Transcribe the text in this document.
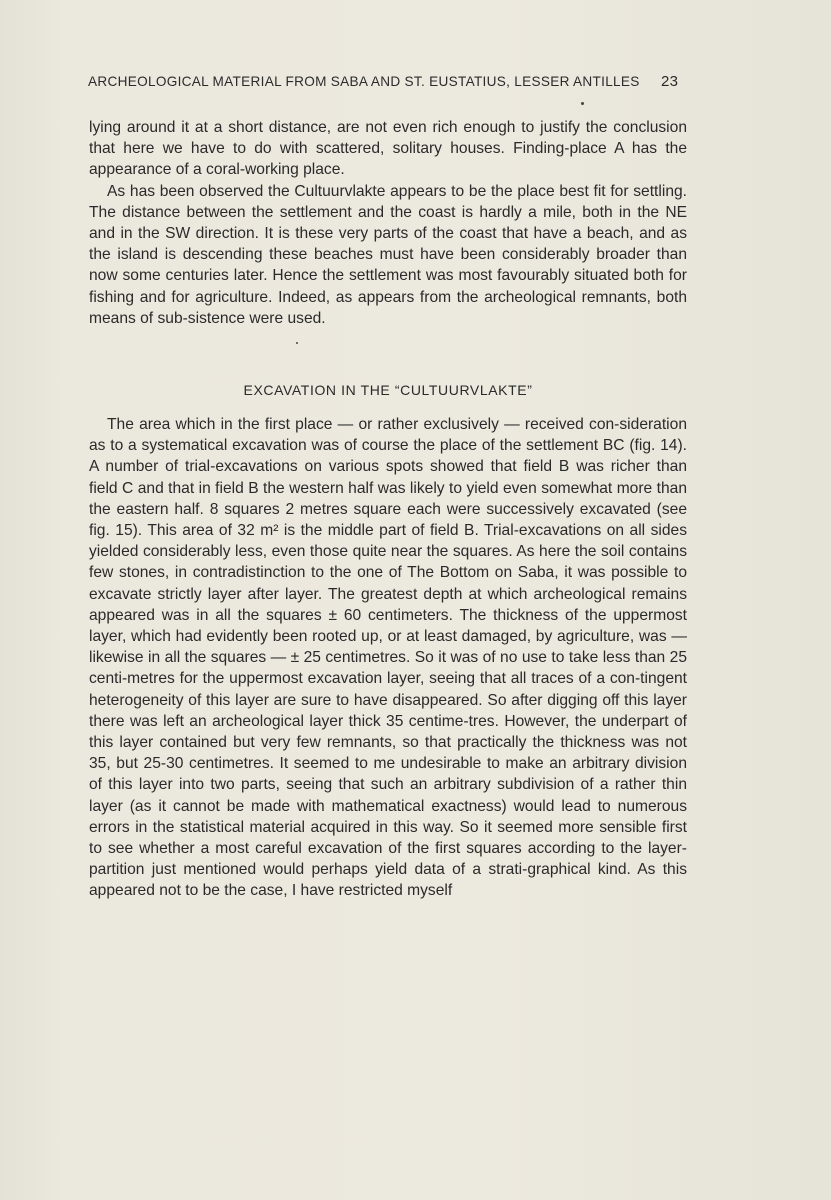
ARCHEOLOGICAL MATERIAL FROM SABA AND ST. EUSTATIUS, LESSER ANTILLES 23

lying around it at a short distance, are not even rich enough to justify the conclusion that here we have to do with scattered, solitary houses. Finding-place A has the appearance of a coral-working place.

As has been observed the Cultuurvlakte appears to be the place best fit for settling. The distance between the settlement and the coast is hardly a mile, both in the NE and in the SW direction. It is these very parts of the coast that have a beach, and as the island is descending these beaches must have been considerably broader than now some centuries later. Hence the settlement was most favourably situated both for fishing and for agriculture. Indeed, as appears from the archeological remnants, both means of sub-sistence were used.

EXCAVATION IN THE “CULTUURVLAKTE”

The area which in the first place — or rather exclusively — received con-sideration as to a systematical excavation was of course the place of the settlement BC (fig. 14). A number of trial-excavations on various spots showed that field B was richer than field C and that in field B the western half was likely to yield even somewhat more than the eastern half. 8 squares 2 metres square each were successively excavated (see fig. 15). This area of 32 m² is the middle part of field B. Trial-excavations on all sides yielded considerably less, even those quite near the squares. As here the soil contains few stones, in contradistinction to the one of The Bottom on Saba, it was possible to excavate strictly layer after layer. The greatest depth at which archeological remains appeared was in all the squares ± 60 centimeters. The thickness of the uppermost layer, which had evidently been rooted up, or at least damaged, by agriculture, was — likewise in all the squares — ± 25 centimetres. So it was of no use to take less than 25 centi-metres for the uppermost excavation layer, seeing that all traces of a con-tingent heterogeneity of this layer are sure to have disappeared. So after digging off this layer there was left an archeological layer thick 35 centime-tres. However, the underpart of this layer contained but very few remnants, so that practically the thickness was not 35, but 25-30 centimetres. It seemed to me undesirable to make an arbitrary division of this layer into two parts, seeing that such an arbitrary subdivision of a rather thin layer (as it cannot be made with mathematical exactness) would lead to numerous errors in the statistical material acquired in this way. So it seemed more sensible first to see whether a most careful excavation of the first squares according to the layer-partition just mentioned would perhaps yield data of a strati-graphical kind. As this appeared not to be the case, I have restricted myself
